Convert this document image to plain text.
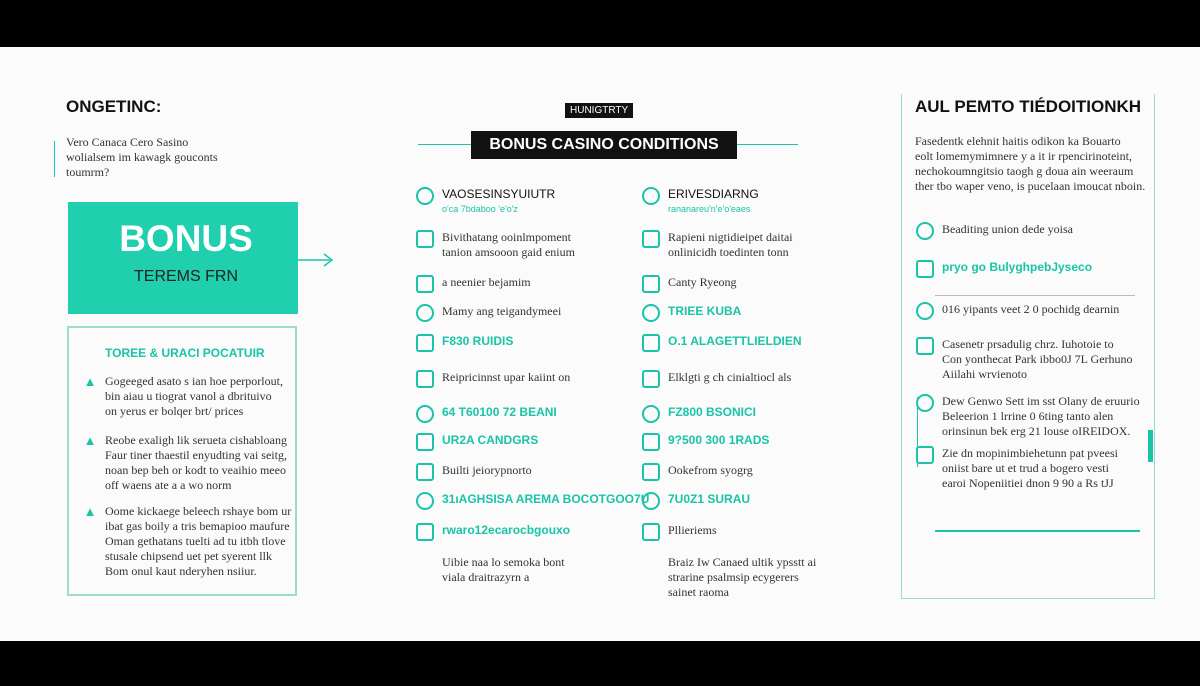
ONGETINC:
Vero Canaca Cero Sasino
wolialsem im kawagk gouconts
toumrm?
BONUS
TEREMS FRN
TOREE & URACI POCATUIR
▲ Gogeeged asato s ian hoe perporlout,
bin aiau u tiograt vanol a dbrituivo
on yerus er bolqer brt/ prices
▲ Reobe exaligh lik serueta cishabloang
Faur tiner thaestil enyudting vai seitg,
noan bep beh or kodt to veaihio meeo
off waens ate a a wo norm
▲ Oome kickaege beleech rshaye bom ur
ibat gas boily a tris bemapioo maufure
Oman gethatans tuelti ad tu itbh tlove
stusale chipsend uet pet syerent llk
Bom onul kaut nderyhen nsiiur.
HUNIGTRTY
BONUS CASINO CONDITIONS
VAOSESINSYUIUTR
o'ca 7bdaboo 'e'o'z
Bivithatang ooinlmpoment
tanion amsooon gaid enium
a neenier bejamim
Mamy ang teigandymeei
F830 RUIDIS
Reipricinnst upar kaiint on
64 T60100 72 BEANI
UR2A CANDGRS
Builti jeiorypnorto
31ıAGHSISA AREMA BOCOTGOO7U
rwaro12ecarocbgouxo
Uibie naa lo semoka bont
viala draitrazyrn a
ERIVESDIARNG
rananareu'n'e'o'eaes
Rapieni nigtidieipet daitai
onlinicidh toedinten tonn
Canty Ryeong
TRIEE KUBA
O.1 ALAGETTLIELDIEN
Elklgti g ch cinialtiocl als
FZ800 BSONICI
9?500 300 1RADS
Ookefrom syogrg
7U0Z1 SURAU
Pllieriems
Braiz Iw Canaed ultik ypsstt ai
strarine psalmsip ecygerers
sainet raoma
AUL PEMTO TIÉDOITIONKH
Fasedentk elehnit haitis odikon ka Bouarto
eolt lomemymimnere y a it ir rpencirinoteint,
nechokoumngitsio taogh g doua ain weeraum
ther tbo waper veno, is pucelaan imoucat nboin.
Beaditing union dede yoisa
pryo go BulyghpebJyseco
016 yipants veet 2 0 pochidg dearnin
Casenetr prsadulig chrz. Iuhotoie to
Con yonthecat Park ibbo0J 7L Gerhuno
Aiilahi wrvienoto
Dew Genwo Sett im sst Olany de eruurio
Beleerion 1 lrrine 0 6ting tanto alen
orinsinun bek erg 21 louse oIREIDOX.
Zie dn mopinimbiehetunn pat pveesi
oniist bare ut et trud a bogero vesti
earoi Nopeniitiei dnon 9 90 a Rs tJJ
